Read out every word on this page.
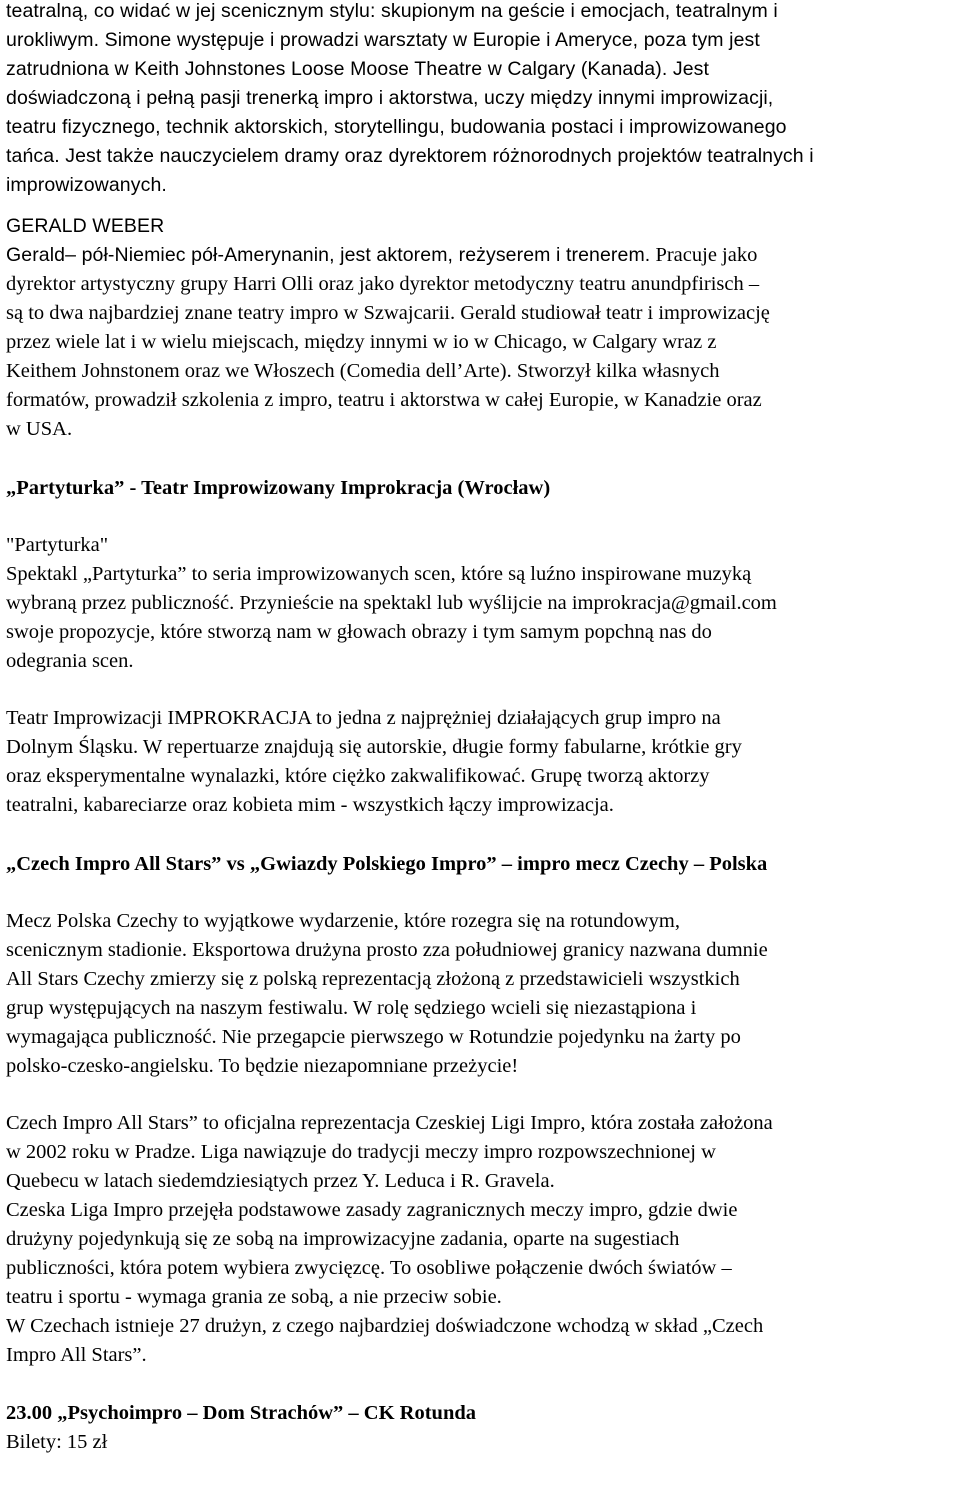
teatralną, co widać w jej scenicznym stylu: skupionym na geście i emocjach, teatralnym i
urokliwym. Simone występuje i prowadzi warsztaty w Europie i Ameryce, poza tym jest
zatrudniona w Keith Johnstones Loose Moose Theatre w Calgary (Kanada). Jest
doświadczoną i pełną pasji trenerką impro i aktorstwa, uczy między innymi improwizacji,
teatru fizycznego, technik aktorskich, storytellingu, budowania postaci i improwizowanego
tańca. Jest także nauczycielem dramy oraz dyrektorem różnorodnych projektów teatralnych i
improwizowanych.
GERALD WEBER
Gerald– pół-Niemiec pół-Amerynanin, jest aktorem, reżyserem i trenerem. Pracuje jako
dyrektor artystyczny grupy Harri Olli oraz jako dyrektor metodyczny teatru anundpfirisch –
są to dwa najbardziej znane teatry impro w Szwajcarii. Gerald studiował teatr i improwizację
przez wiele lat i w wielu miejscach, między innymi w io w Chicago, w Calgary wraz z
Keithem Johnstonem oraz we Włoszech (Comedia dell’Arte). Stworzył kilka własnych
formatów, prowadził szkolenia z impro, teatru i aktorstwa w całej Europie, w Kanadzie oraz
w USA.
„Partyturka” - Teatr Improwizowany Improkracja (Wrocław)
"Partyturka"
Spektakl „Partyturka” to seria improwizowanych scen, które są luźno inspirowane muzyką
wybraną przez publiczność. Przynieście na spektakl lub wyślijcie na improkracja@gmail.com
swoje propozycje, które stworzą nam w głowach obrazy i tym samym popchną nas do
odegrania scen.
Teatr Improwizacji IMPROKRACJA to jedna z najprężniej działających grup impro na
Dolnym Śląsku. W repertuarze znajdują się autorskie, długie formy fabularne, krótkie gry
oraz eksperymentalne wynalazki, które ciężko zakwalifikować. Grupę tworzą aktorzy
teatralni, kabareciarze oraz kobieta mim - wszystkich łączy improwizacja.
„Czech Impro All Stars” vs „Gwiazdy Polskiego Impro” – impro mecz Czechy – Polska
Mecz Polska Czechy to wyjątkowe wydarzenie, które rozegra się na rotundowym,
scenicznym stadionie. Eksportowa drużyna prosto zza południowej granicy nazwana dumnie
All Stars Czechy zmierzy się z polską reprezentacją złożoną z przedstawicieli wszystkich
grup występujących na naszym festiwalu. W rolę sędziego wcieli się niezastąpiona i
wymagająca publiczność. Nie przegapcie pierwszego w Rotundzie pojedynku na żarty po
polsko-czesko-angielsku. To będzie niezapomniane przeżycie!
Czech Impro All Stars” to oficjalna reprezentacja Czeskiej Ligi Impro, która została założona
w 2002 roku w Pradze. Liga nawiązuje do tradycji meczy impro rozpowszechnionej w
Quebecu w latach siedemdziesiątych przez Y. Leduca i R. Gravela.
Czeska Liga Impro przejęła podstawowe zasady zagranicznych meczy impro, gdzie dwie
drużyny pojedynkują się ze sobą na improwizacyjne zadania, oparte na sugestiach
publiczności, która potem wybiera zwycięzcę. To osobliwe połączenie dwóch światów –
teatru i sportu - wymaga grania ze sobą, a nie przeciw sobie.
W Czechach istnieje 27 drużyn, z czego najbardziej doświadczone wchodzą w skład „Czech
Impro All Stars”.
23.00 „Psychoimpro – Dom Strachów” – CK Rotunda
Bilety: 15 zł
